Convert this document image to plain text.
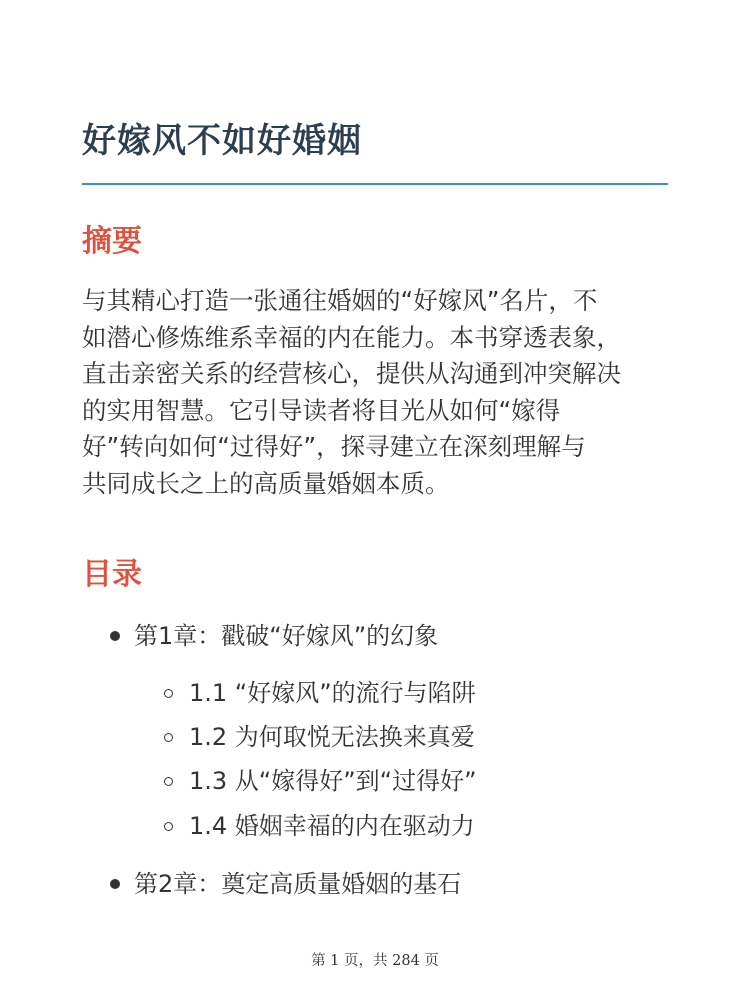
好嫁风不如好婚姻
摘要
与其精心打造一张通往婚姻的“好嫁风”名片，不
如潜心修炼维系幸福的内在能力。本书穿透表象，
直击亲密关系的经营核心，提供从沟通到冲突解决
的实用智慧。它引导读者将目光从如何“嫁得
好”转向如何“过得好”，探寻建立在深刻理解与
共同成长之上的高质量婚姻本质。
目录
第1章：戳破“好嫁风”的幻象
1.1 “好嫁风”的流行与陷阱
1.2 为何取悦无法换来真爱
1.3 从“嫁得好”到“过得好”
1.4 婚姻幸福的内在驱动力
第2章：奠定高质量婚姻的基石
第 1 页，共 284 页
